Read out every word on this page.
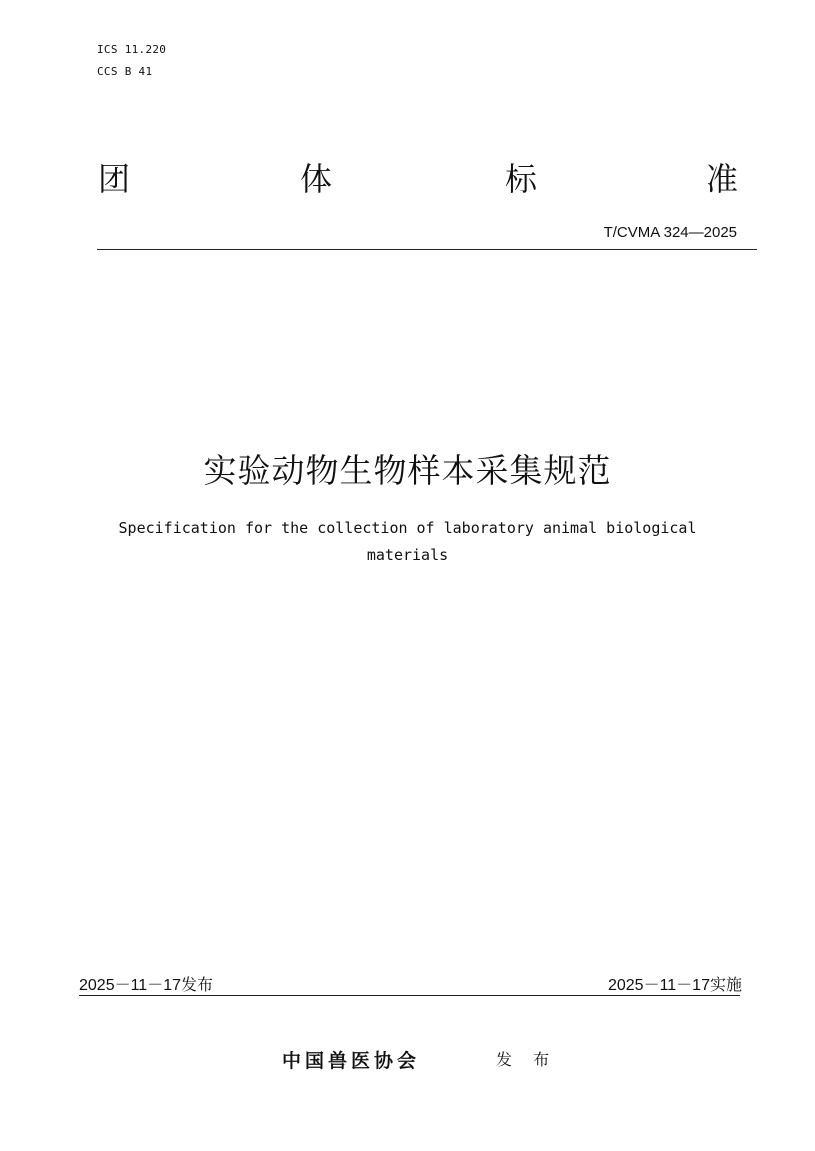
ICS 11.220
CCS B 41
团	体	标	准
T/CVMA 324—2025
实验动物生物样本采集规范
Specification for the collection of laboratory animal biological
materials
2025－11－17发布	2025－11－17实施
中国兽医协会	发 布
